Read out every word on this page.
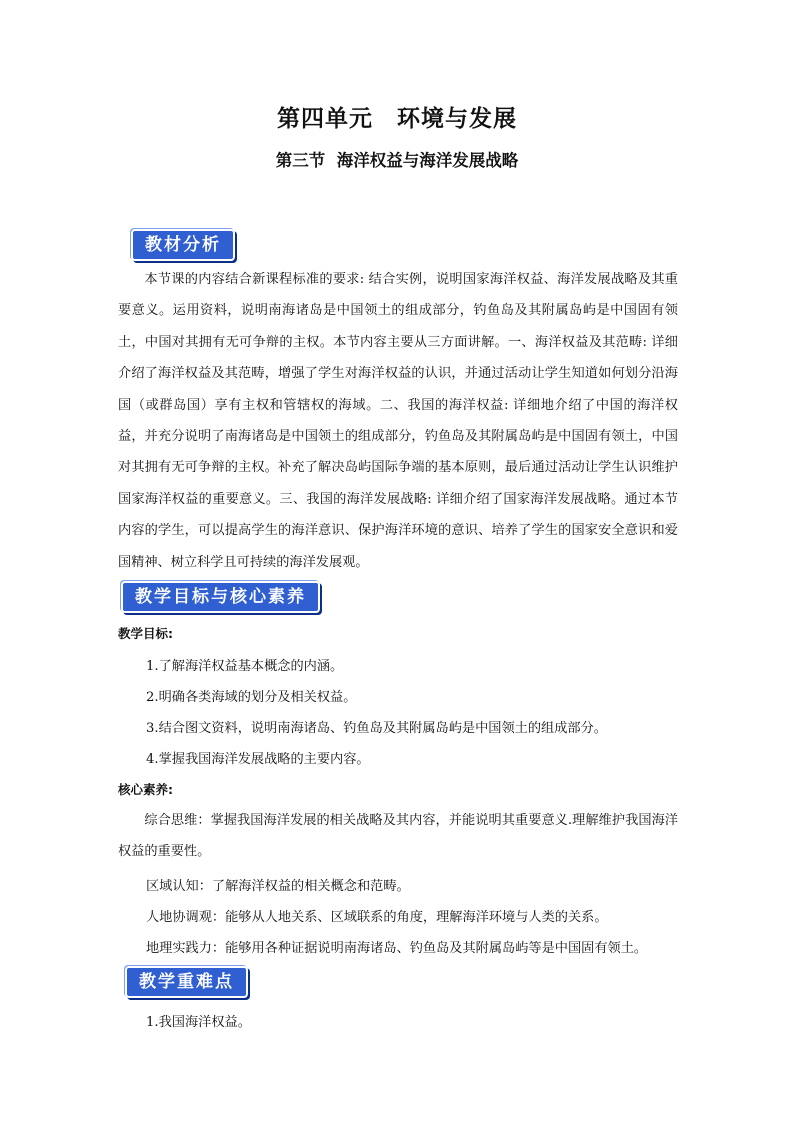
第四单元　环境与发展
第三节  海洋权益与海洋发展战略
教材分析

本节课的内容结合新课程标准的要求: 结合实例，说明国家海洋权益、海洋发展战略及其重要意义。运用资料，说明南海诸岛是中国领土的组成部分，钓鱼岛及其附属岛屿是中国固有领土，中国对其拥有无可争辩的主权。本节内容主要从三方面讲解。一、海洋权益及其范畴: 详细介绍了海洋权益及其范畴，增强了学生对海洋权益的认识，并通过活动让学生知道如何划分沿海国（或群岛国）享有主权和管辖权的海域。二、我国的海洋权益: 详细地介绍了中国的海洋权益，并充分说明了南海诸岛是中国领土的组成部分，钓鱼岛及其附属岛屿是中国固有领土，中国对其拥有无可争辩的主权。补充了解决岛屿国际争端的基本原则，最后通过活动让学生认识维护国家海洋权益的重要意义。三、我国的海洋发展战略: 详细介绍了国家海洋发展战略。通过本节内容的学生，可以提高学生的海洋意识、保护海洋环境的意识、培养了学生的国家安全意识和爱国精神、树立科学且可持续的海洋发展观。

教学目标与核心素养

教学目标:

1.了解海洋权益基本概念的内涵。

2.明确各类海域的划分及相关权益。

3.结合图文资料，说明南海诸岛、钓鱼岛及其附属岛屿是中国领土的组成部分。

4.掌握我国海洋发展战略的主要内容。

核心素养:

综合思维：掌握我国海洋发展的相关战略及其内容，并能说明其重要意义.理解维护我国海洋权益的重要性。

区域认知：了解海洋权益的相关概念和范畴。

人地协调观：能够从人地关系、区域联系的角度，理解海洋环境与人类的关系。

地理实践力：能够用各种证据说明南海诸岛、钓鱼岛及其附属岛屿等是中国固有领土。

教学重难点

1.我国海洋权益。
